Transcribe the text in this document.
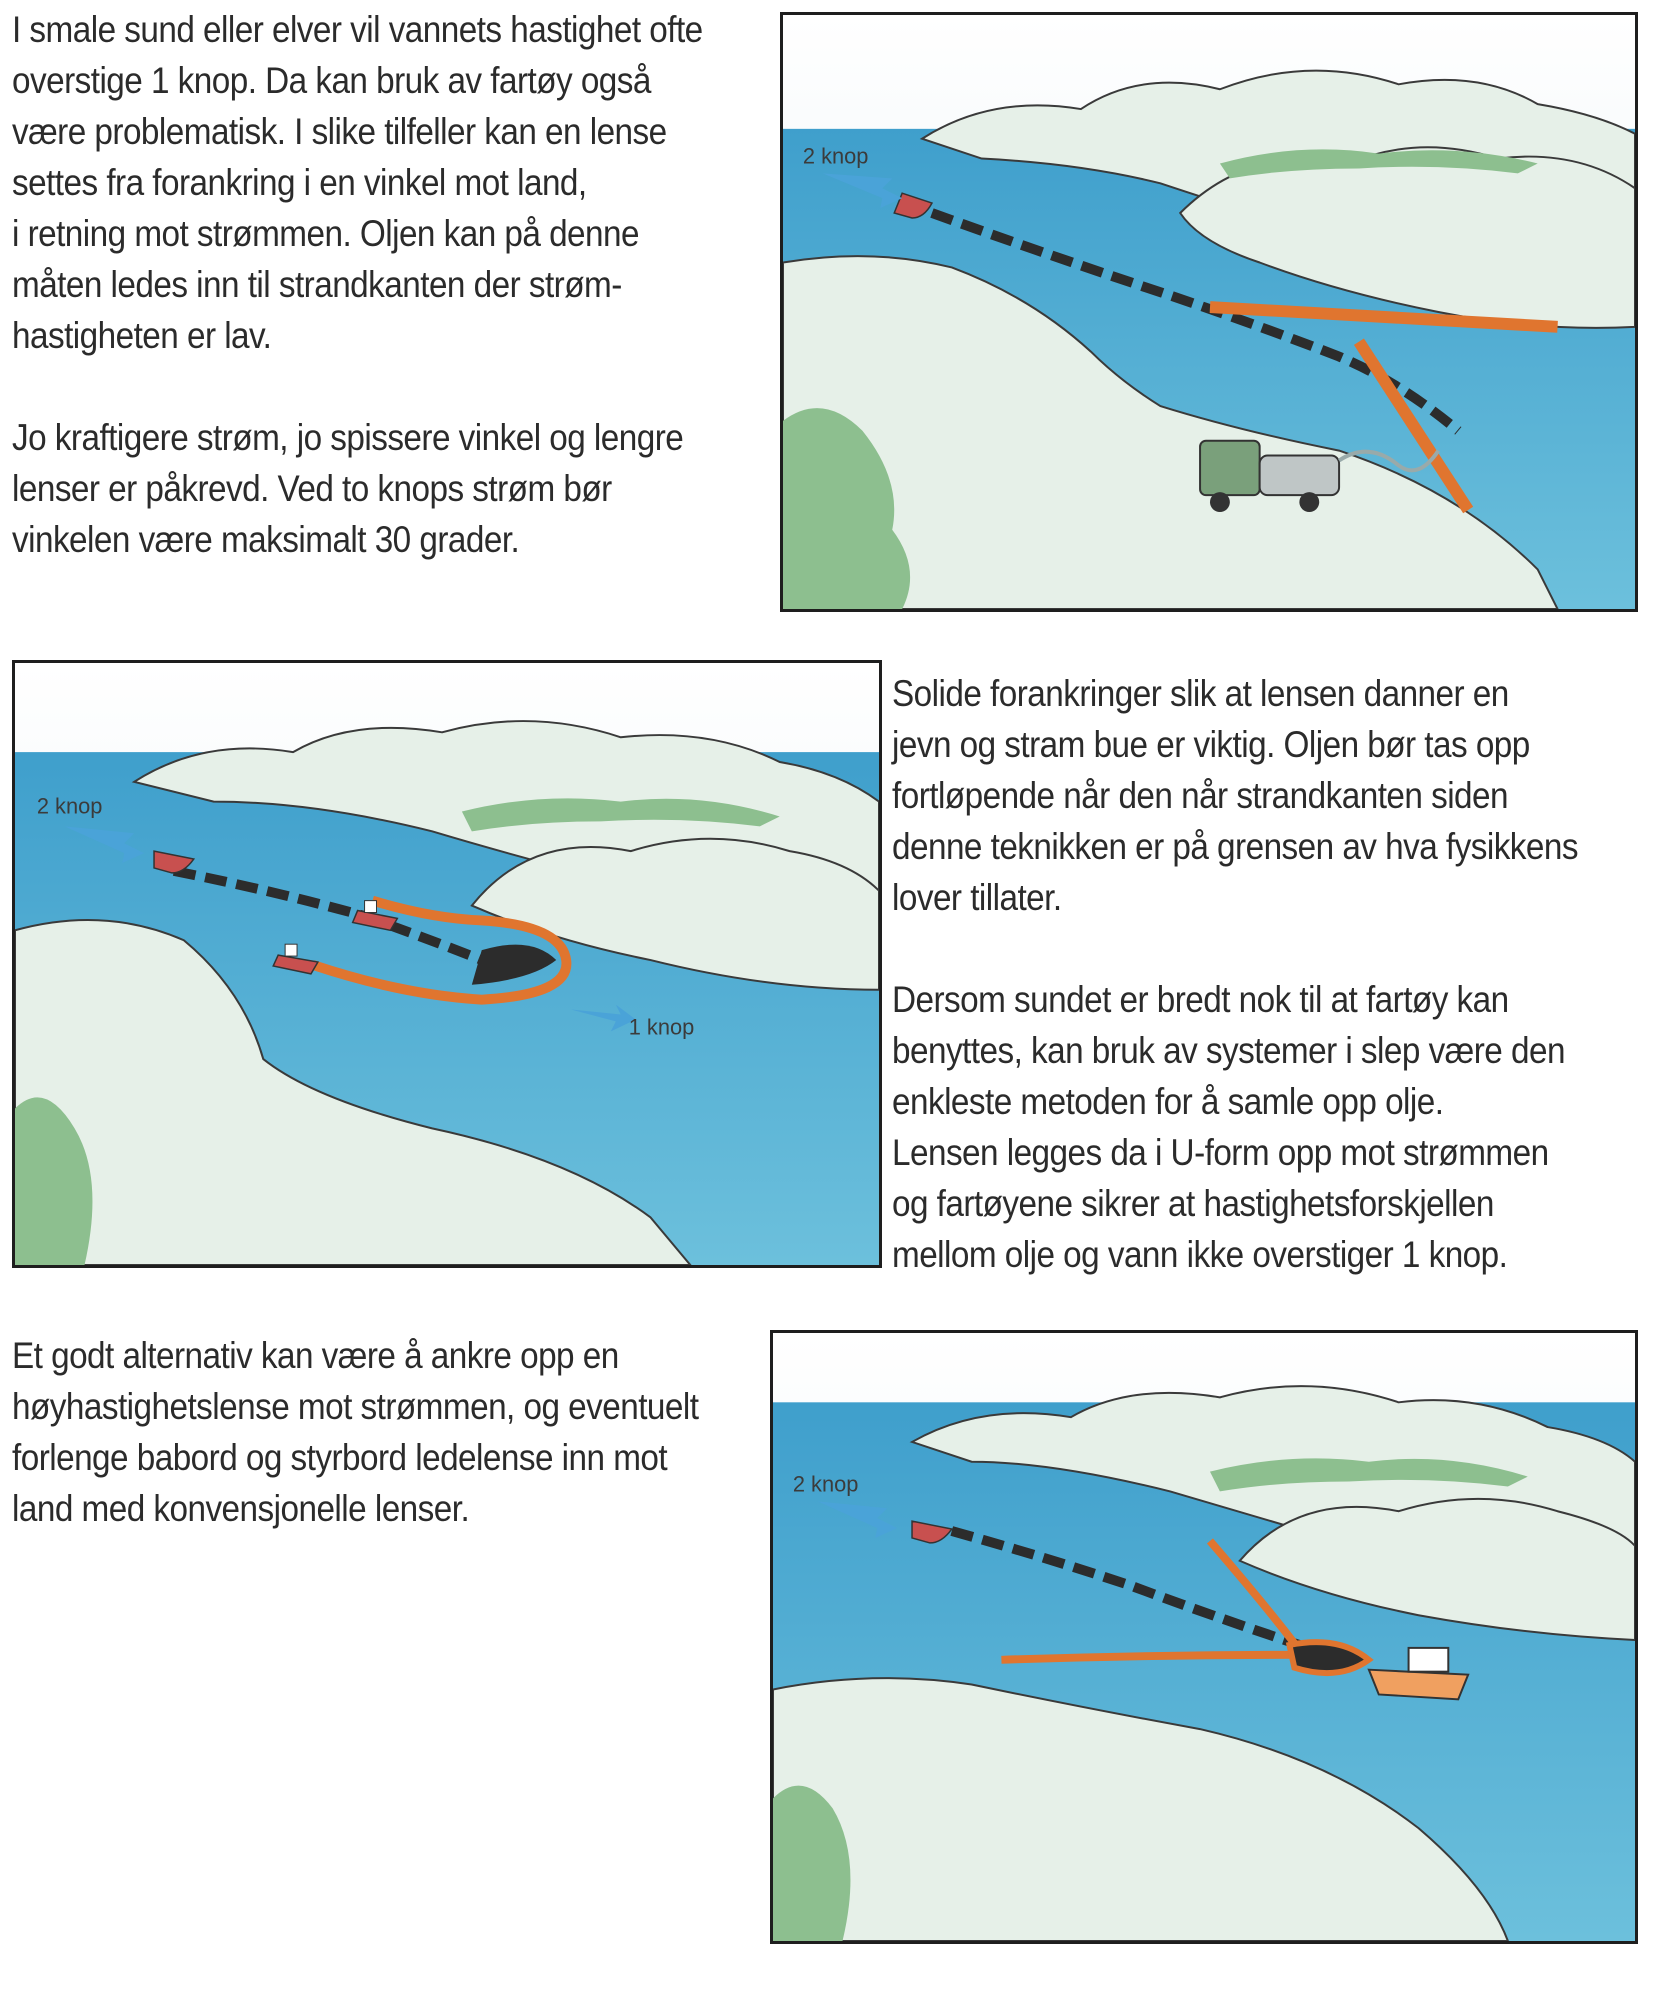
I smale sund eller elver vil vannets hastighet ofte
overstige 1 knop. Da kan bruk av fartøy også
være problematisk. I slike tilfeller kan en lense
settes fra forankring i en vinkel mot land,
i retning mot strømmen. Oljen kan på denne
måten ledes inn til strandkanten der strøm-
hastigheten er lav.
Jo kraftigere strøm, jo spissere vinkel og lengre
lenser er påkrevd. Ved to knops strøm bør
vinkelen være maksimalt 30 grader.
2 knop
2 knop
1 knop
Solide forankringer slik at lensen danner en
jevn og stram bue er viktig. Oljen bør tas opp
fortløpende når den når strandkanten siden
denne teknikken er på grensen av hva fysikkens
lover tillater.
Dersom sundet er bredt nok til at fartøy kan
benyttes, kan bruk av systemer i slep være den
enkleste metoden for å samle opp olje.
Lensen legges da i U-form opp mot strømmen
og fartøyene sikrer at hastighetsforskjellen
mellom olje og vann ikke overstiger 1 knop.
Et godt alternativ kan være å ankre opp en
høyhastighetslense mot strømmen, og eventuelt
forlenge babord og styrbord ledelense inn mot
land med konvensjonelle lenser.
2 knop
